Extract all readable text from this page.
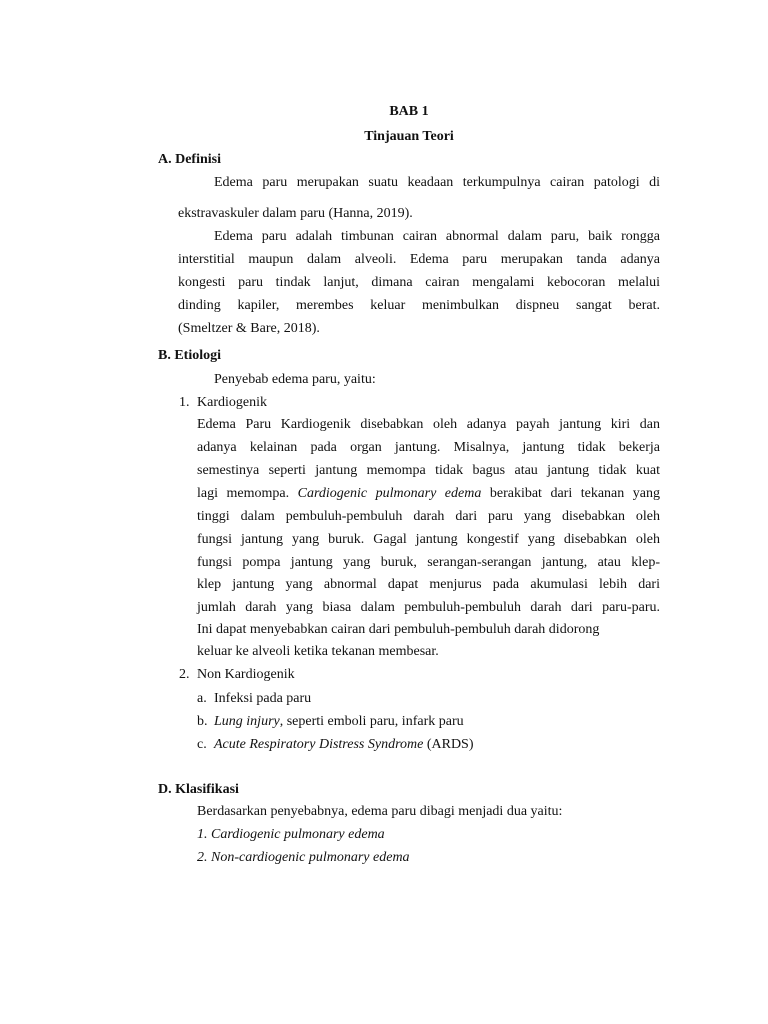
BAB 1
Tinjauan Teori
A. Definisi
Edema paru merupakan suatu keadaan terkumpulnya cairan patologi di
ekstravaskuler dalam paru (Hanna, 2019).
Edema paru adalah timbunan cairan abnormal dalam paru, baik rongga
interstitial maupun dalam alveoli. Edema paru merupakan tanda adanya
kongesti paru tindak lanjut, dimana cairan mengalami kebocoran melalui
dinding kapiler, merembes keluar menimbulkan dispneu sangat berat.
(Smeltzer & Bare, 2018).
B. Etiologi
Penyebab edema paru, yaitu:
1. Kardiogenik
Edema Paru Kardiogenik disebabkan oleh adanya payah jantung kiri dan
adanya kelainan pada organ jantung. Misalnya, jantung tidak bekerja
semestinya seperti jantung memompa tidak bagus atau jantung tidak kuat
lagi memompa. Cardiogenic pulmonary edema berakibat dari tekanan yang
tinggi dalam pembuluh-pembuluh darah dari paru yang disebabkan oleh
fungsi jantung yang buruk. Gagal jantung kongestif yang disebabkan oleh
fungsi pompa jantung yang buruk, serangan-serangan jantung, atau klep-
klep jantung yang abnormal dapat menjurus pada akumulasi lebih dari
jumlah darah yang biasa dalam pembuluh-pembuluh darah dari paru-paru.
Ini dapat menyebabkan cairan dari pembuluh-pembuluh darah didorong
keluar ke alveoli ketika tekanan membesar.
2. Non Kardiogenik
a. Infeksi pada paru
b. Lung injury, seperti emboli paru, infark paru
c. Acute Respiratory Distress Syndrome (ARDS)
D. Klasifikasi
Berdasarkan penyebabnya, edema paru dibagi menjadi dua yaitu:
1. Cardiogenic pulmonary edema
2. Non-cardiogenic pulmonary edema
